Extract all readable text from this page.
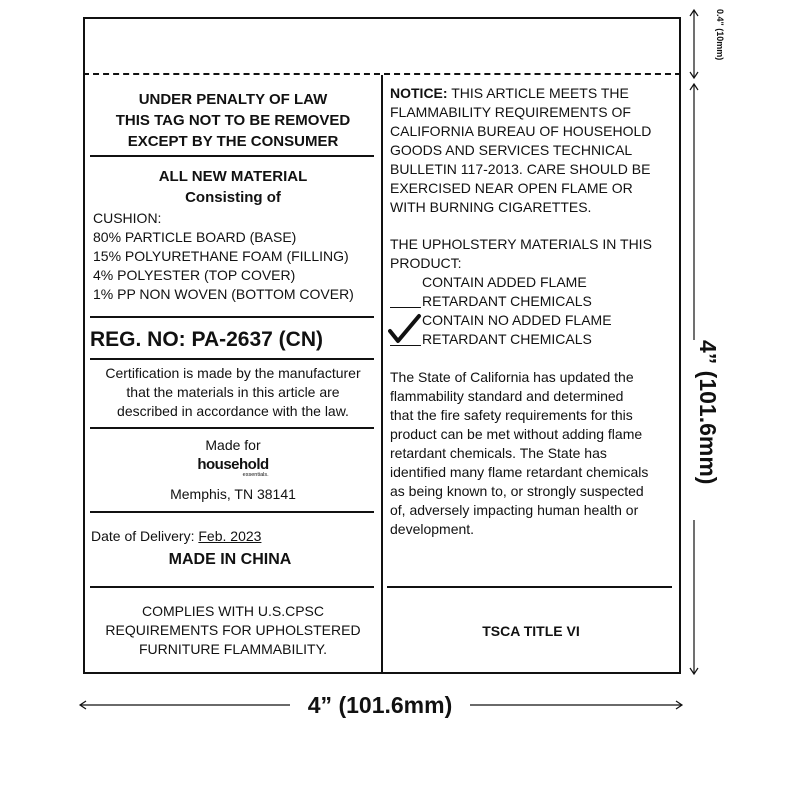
UNDER PENALTY OF LAW
THIS TAG NOT TO BE REMOVED
EXCEPT BY THE CONSUMER
ALL NEW MATERIAL
Consisting of
CUSHION:
80% PARTICLE BOARD (BASE)
15% POLYURETHANE FOAM (FILLING)
4% POLYESTER (TOP COVER)
1% PP NON WOVEN (BOTTOM COVER)
REG. NO: PA-2637 (CN)
Certification is made by the manufacturer
that the materials in this article are
described in accordance with the law.
Made for
household
essentials.
Memphis, TN 38141
Date of Delivery: Feb. 2023
MADE IN CHINA
COMPLIES WITH U.S.CPSC
REQUIREMENTS FOR UPHOLSTERED
FURNITURE FLAMMABILITY.
NOTICE: THIS ARTICLE MEETS THE
FLAMMABILITY REQUIREMENTS OF
CALIFORNIA BUREAU OF HOUSEHOLD
GOODS AND SERVICES TECHNICAL
BULLETIN 117-2013. CARE SHOULD BE
EXERCISED NEAR OPEN FLAME OR
WITH BURNING CIGARETTES.
THE UPHOLSTERY MATERIALS IN THIS
PRODUCT:
CONTAIN ADDED FLAME
RETARDANT CHEMICALS
CONTAIN NO ADDED FLAME
RETARDANT CHEMICALS
The State of California has updated the
flammability standard and determined
that the fire safety requirements for this
product can be met without adding flame
retardant chemicals. The State has
identified many flame retardant chemicals
as being known to, or strongly suspected
of, adversely impacting human health or
development.
TSCA TITLE VI
0.4" (10mm)
4” (101.6mm)
4” (101.6mm)
